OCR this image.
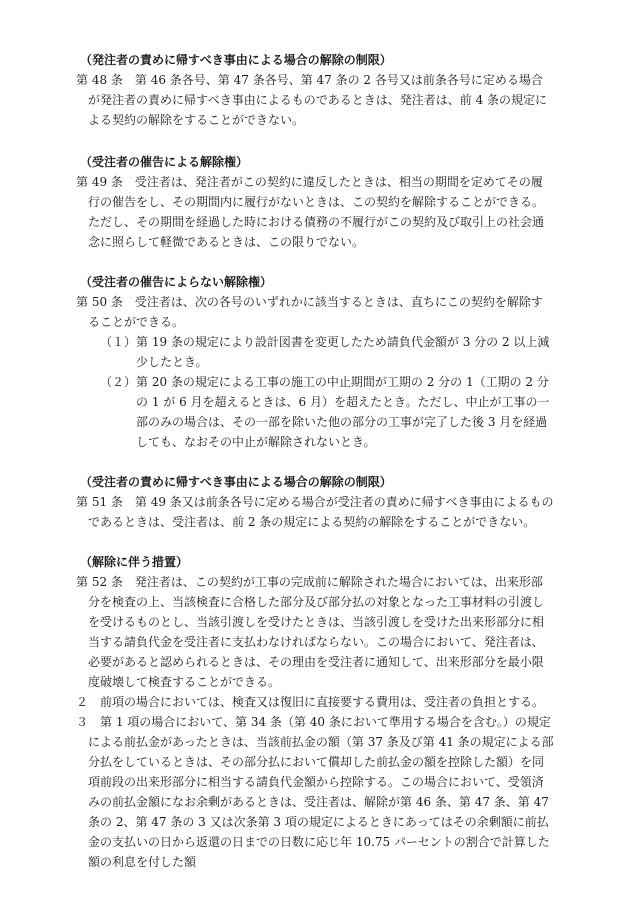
（発注者の責めに帰すべき事由による場合の解除の制限）

第 48 条　第 46 条各号、第 47 条各号、第 47 条の 2 各号又は前条各号に定める場合が発注者の責めに帰すべき事由によるものであるときは、発注者は、前 4 条の規定による契約の解除をすることができない。

（受注者の催告による解除権）

第 49 条　受注者は、発注者がこの契約に違反したときは、相当の期間を定めてその履行の催告をし、その期間内に履行がないときは、この契約を解除することができる。ただし、その期間を経過した時における債務の不履行がこの契約及び取引上の社会通念に照らして軽微であるときは、この限りでない。

（受注者の催告によらない解除権）

第 50 条　受注者は、次の各号のいずれかに該当するときは、直ちにこの契約を解除することができる。

（１）第 19 条の規定により設計図書を変更したため請負代金額が 3 分の 2 以上減少したとき。

（２）第 20 条の規定による工事の施工の中止期間が工期の 2 分の 1（工期の 2 分の 1 が 6 月を超えるときは、6 月）を超えたとき。ただし、中止が工事の一部のみの場合は、その一部を除いた他の部分の工事が完了した後 3 月を経過しても、なおその中止が解除されないとき。

（受注者の責めに帰すべき事由による場合の解除の制限）

第 51 条　第 49 条又は前条各号に定める場合が受注者の責めに帰すべき事由によるものであるときは、受注者は、前 2 条の規定による契約の解除をすることができない。

（解除に伴う措置）

第 52 条　発注者は、この契約が工事の完成前に解除された場合においては、出来形部分を検査の上、当該検査に合格した部分及び部分払の対象となった工事材料の引渡しを受けるものとし、当該引渡しを受けたときは、当該引渡しを受けた出来形部分に相当する請負代金を受注者に支払わなければならない。この場合において、発注者は、必要があると認められるときは、その理由を受注者に通知して、出来形部分を最小限度破壊して検査することができる。

２　前項の場合においては、検査又は復旧に直接要する費用は、受注者の負担とする。

３　第 1 項の場合において、第 34 条（第 40 条において準用する場合を含む。）の規定による前払金があったときは、当該前払金の額（第 37 条及び第 41 条の規定による部分払をしているときは、その部分払において償却した前払金の額を控除した額）を同項前段の出来形部分に相当する請負代金額から控除する。この場合において、受領済みの前払金額になお余剰があるときは、受注者は、解除が第 46 条、第 47 条、第 47 条の 2、第 47 条の 3 又は次条第 3 項の規定によるときにあってはその余剰額に前払金の支払いの日から返還の日までの日数に応じ年 10.75 パーセントの割合で計算した額の利息を付した額
